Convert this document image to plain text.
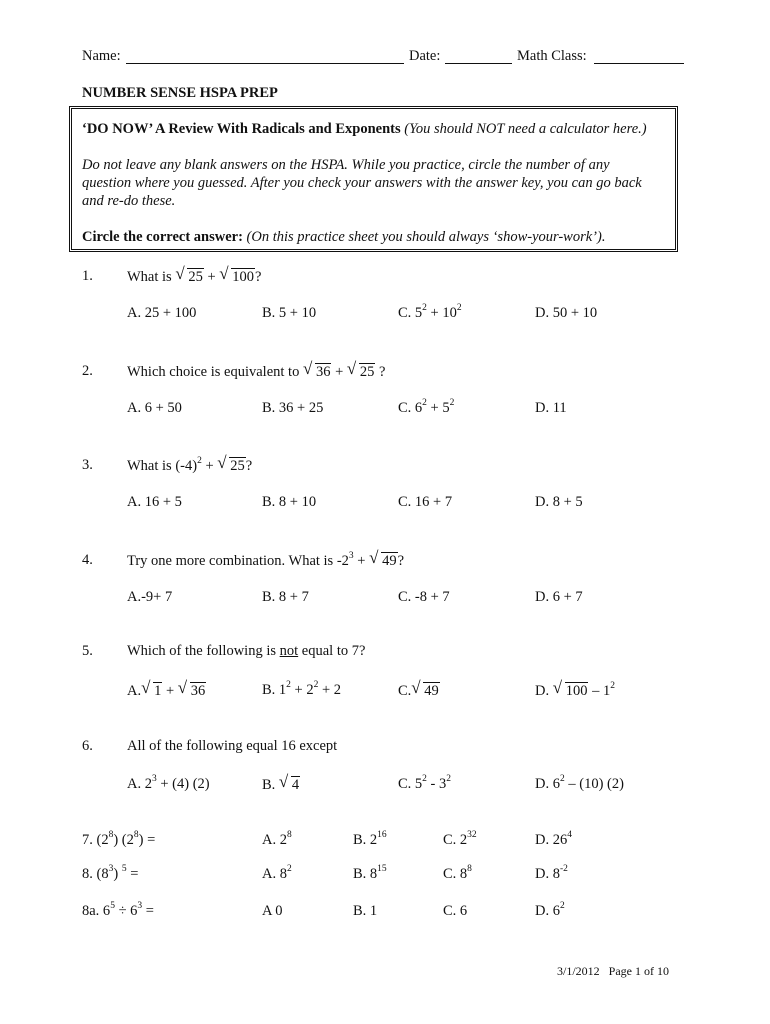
Name:	Date:	Math Class:
NUMBER SENSE HSPA PREP
‘DO NOW’ A Review With Radicals and Exponents (You should NOT need a calculator here.)
Do not leave any blank answers on the HSPA. While you practice, circle the number of any
question where you guessed. After you check your answers with the answer key, you can go back
and re-do these.
Circle the correct answer: (On this practice sheet you should always ‘show-your-work’).
1. What is √ 25 + √ 100?
A. 25 + 100	B. 5 + 10	C. $5^2 + 10^2$	D. 50 + 10
2. Which choice is equivalent to √ 36 + √ 25 ?
A. 6 + 50	B. 36 + 25	C. $6^2 + 5^2$	D. 11
3. What is $(-4)^2$ + √ 25?
A. 16 + 5	B. 8 + 10	C. 16 + 7	D. 8 + 5
4. Try one more combination. What is $-2^3$ + √ 49?
A.-9+ 7	B. 8 + 7	C. -8 + 7	D. 6 + 7
5. Which of the following is not equal to 7?
A. √ 1 + √ 36	B. $1^2 + 2^2 + 2$	C. √ 49	D. √ $100 - 1^2$
6. All of the following equal 16 except
A. $2^3 + (4)$ (2)	B. √ 4	C. $5^2 - 3^2$	D. $6^2 - (10)$ (2)
7. $(2^8) (2^8)$ =	A. $2^8$	B. $2^{16}$	C. $2^{32}$	D. $26^4$
8. $(8^3) ^5$ =	A. $8^2$	B. $8^{15}$	C. $8^8$	D. $8^{-2}$
8a. $6^5 \div 6^3$ =	A 0	B. 1	C. 6	D. $6^2$
3/1/2012 Page 1 of 10
